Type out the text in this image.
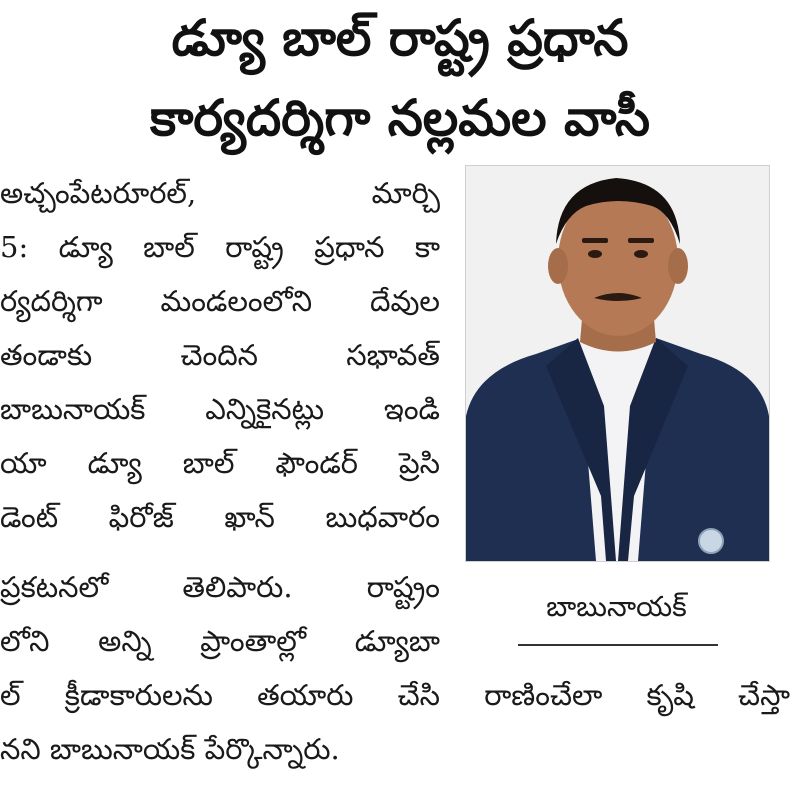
డ్యూ బాల్ రాష్ట్ర ప్రధాన
కార్యదర్శిగా నల్లమల వాసీ
అచ్చంపేటరూరల్, మార్చి
5: డ్యూ బాల్ రాష్ట్ర ప్రధాన కా
ర్యదర్శిగా మండలంలోని దేవుల
తండాకు చెందిన సభావత్
బాబునాయక్ ఎన్నికైనట్లు ఇండి
యా డ్యూ బాల్ ఫౌండర్ ప్రెసి
డెంట్ ఫిరోజ్ ఖాన్ బుధవారం
ప్రకటనలో తెలిపారు. రాష్ట్రం
లోని అన్ని ప్రాంతాల్లో డ్యూబా
ల్ క్రీడాకారులను తయారు చేసి రాణించేలా కృషి చేస్తా
నని బాబునాయక్ పేర్కొన్నారు.
బాబునాయక్
